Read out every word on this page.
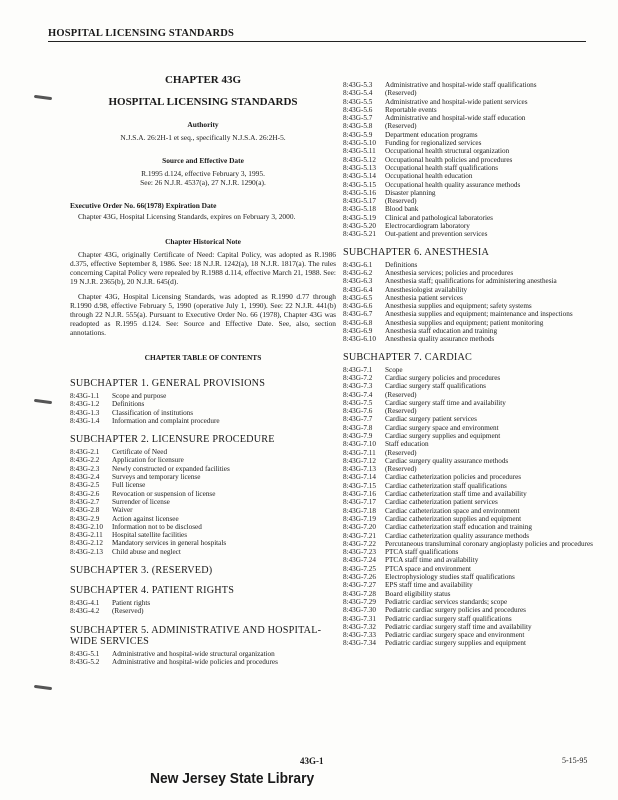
HOSPITAL LICENSING STANDARDS
CHAPTER 43G
HOSPITAL LICENSING STANDARDS
Authority
N.J.S.A. 26:2H-1 et seq., specifically N.J.S.A. 26:2H-5.
Source and Effective Date
R.1995 d.124, effective February 3, 1995.
See: 26 N.J.R. 4537(a), 27 N.J.R. 1290(a).
Executive Order No. 66(1978) Expiration Date
Chapter 43G, Hospital Licensing Standards, expires on February 3, 2000.
Chapter Historical Note
Chapter 43G, originally Certificate of Need: Capital Policy, was adopted as R.1986 d.375, effective September 8, 1986. See: 18 N.J.R. 1242(a), 18 N.J.R. 1817(a). The rules concerning Capital Policy were repealed by R.1988 d.114, effective March 21, 1988. See: 19 N.J.R. 2365(b), 20 N.J.R. 645(d).
Chapter 43G, Hospital Licensing Standards, was adopted as R.1990 d.77 through R.1990 d.98, effective February 5, 1990 (operative July 1, 1990). See: 22 N.J.R. 441(b) through 22 N.J.R. 555(a). Pursuant to Executive Order No. 66 (1978), Chapter 43G was readopted as R.1995 d.124. See: Source and Effective Date. See, also, section annotations.
CHAPTER TABLE OF CONTENTS
SUBCHAPTER 1. GENERAL PROVISIONS
8:43G-1.1	Scope and purpose
8:43G-1.2	Definitions
8:43G-1.3	Classification of institutions
8:43G-1.4	Information and complaint procedure
SUBCHAPTER 2. LICENSURE PROCEDURE
8:43G-2.1	Certificate of Need
8:43G-2.2	Application for licensure
8:43G-2.3	Newly constructed or expanded facilities
8:43G-2.4	Surveys and temporary license
8:43G-2.5	Full license
8:43G-2.6	Revocation or suspension of license
8:43G-2.7	Surrender of license
8:43G-2.8	Waiver
8:43G-2.9	Action against licensee
8:43G-2.10	Information not to be disclosed
8:43G-2.11	Hospital satellite facilities
8:43G-2.12	Mandatory services in general hospitals
8:43G-2.13	Child abuse and neglect
SUBCHAPTER 3. (RESERVED)
SUBCHAPTER 4. PATIENT RIGHTS
8:43G-4.1	Patient rights
8:43G-4.2	(Reserved)
SUBCHAPTER 5. ADMINISTRATIVE AND HOSPITAL-WIDE SERVICES
8:43G-5.1	Administrative and hospital-wide structural organization
8:43G-5.2	Administrative and hospital-wide policies and procedures
8:43G-5.3	Administrative and hospital-wide staff qualifications
8:43G-5.4	(Reserved)
8:43G-5.5	Administrative and hospital-wide patient services
8:43G-5.6	Reportable events
8:43G-5.7	Administrative and hospital-wide staff education
8:43G-5.8	(Reserved)
8:43G-5.9	Department education programs
8:43G-5.10	Funding for regionalized services
8:43G-5.11	Occupational health structural organization
8:43G-5.12	Occupational health policies and procedures
8:43G-5.13	Occupational health staff qualifications
8:43G-5.14	Occupational health education
8:43G-5.15	Occupational health quality assurance methods
8:43G-5.16	Disaster planning
8:43G-5.17	(Reserved)
8:43G-5.18	Blood bank
8:43G-5.19	Clinical and pathological laboratories
8:43G-5.20	Electrocardiogram laboratory
8:43G-5.21	Out-patient and prevention services
SUBCHAPTER 6. ANESTHESIA
8:43G-6.1	Definitions
8:43G-6.2	Anesthesia services; policies and procedures
8:43G-6.3	Anesthesia staff; qualifications for administering anesthesia
8:43G-6.4	Anesthesiologist availability
8:43G-6.5	Anesthesia patient services
8:43G-6.6	Anesthesia supplies and equipment; safety systems
8:43G-6.7	Anesthesia supplies and equipment; maintenance and inspections
8:43G-6.8	Anesthesia supplies and equipment; patient monitoring
8:43G-6.9	Anesthesia staff education and training
8:43G-6.10	Anesthesia quality assurance methods
SUBCHAPTER 7. CARDIAC
8:43G-7.1	Scope
8:43G-7.2	Cardiac surgery policies and procedures
8:43G-7.3	Cardiac surgery staff qualifications
8:43G-7.4	(Reserved)
8:43G-7.5	Cardiac surgery staff time and availability
8:43G-7.6	(Reserved)
8:43G-7.7	Cardiac surgery patient services
8:43G-7.8	Cardiac surgery space and environment
8:43G-7.9	Cardiac surgery supplies and equipment
8:43G-7.10	Staff education
8:43G-7.11	(Reserved)
8:43G-7.12	Cardiac surgery quality assurance methods
8:43G-7.13	(Reserved)
8:43G-7.14	Cardiac catheterization policies and procedures
8:43G-7.15	Cardiac catheterization staff qualifications
8:43G-7.16	Cardiac catheterization staff time and availability
8:43G-7.17	Cardiac catheterization patient services
8:43G-7.18	Cardiac catheterization space and environment
8:43G-7.19	Cardiac catheterization supplies and equipment
8:43G-7.20	Cardiac catheterization staff education and training
8:43G-7.21	Cardiac catheterization quality assurance methods
8:43G-7.22	Percutaneous transluminal coronary angioplasty policies and procedures
8:43G-7.23	PTCA staff qualifications
8:43G-7.24	PTCA staff time and availability
8:43G-7.25	PTCA space and environment
8:43G-7.26	Electrophysiology studies staff qualifications
8:43G-7.27	EPS staff time and availability
8:43G-7.28	Board eligibility status
8:43G-7.29	Pediatric cardiac services standards; scope
8:43G-7.30	Pediatric cardiac surgery policies and procedures
8:43G-7.31	Pediatric cardiac surgery staff qualifications
8:43G-7.32	Pediatric cardiac surgery staff time and availability
8:43G-7.33	Pediatric cardiac surgery space and environment
8:43G-7.34	Pediatric cardiac surgery supplies and equipment
43G-1	5-15-95
New Jersey State Library
